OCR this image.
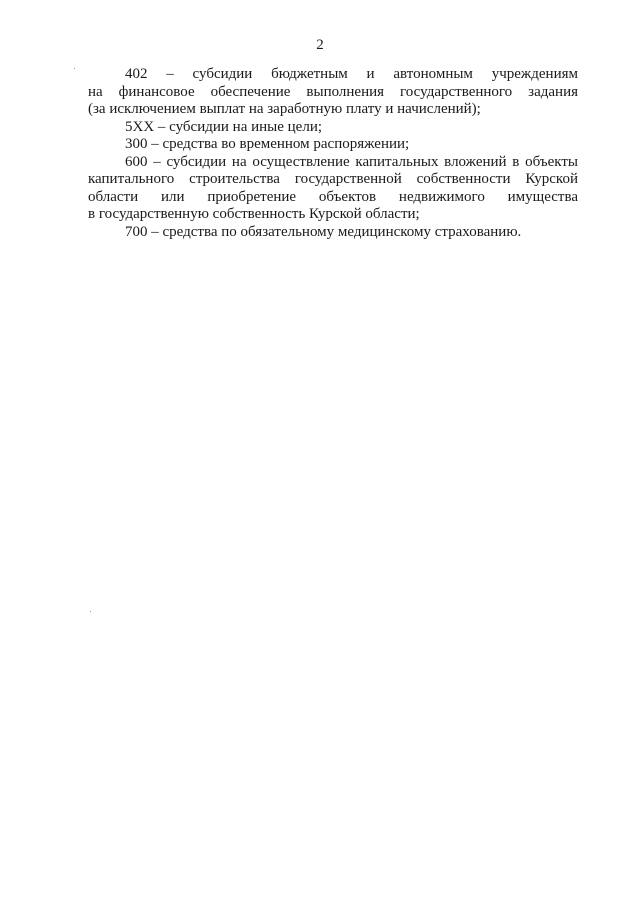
2
402 – субсидии бюджетным и автономным учреждениям
на финансовое обеспечение выполнения государственного задания
(за исключением выплат на заработную плату и начислений);
5ХХ – субсидии на иные цели;
300 – средства во временном распоряжении;
600 – субсидии на осуществление капитальных вложений в объекты
капитального строительства государственной собственности Курской
области или приобретение объектов недвижимого имущества
в государственную собственность Курской области;
700 – средства по обязательному медицинскому страхованию.
